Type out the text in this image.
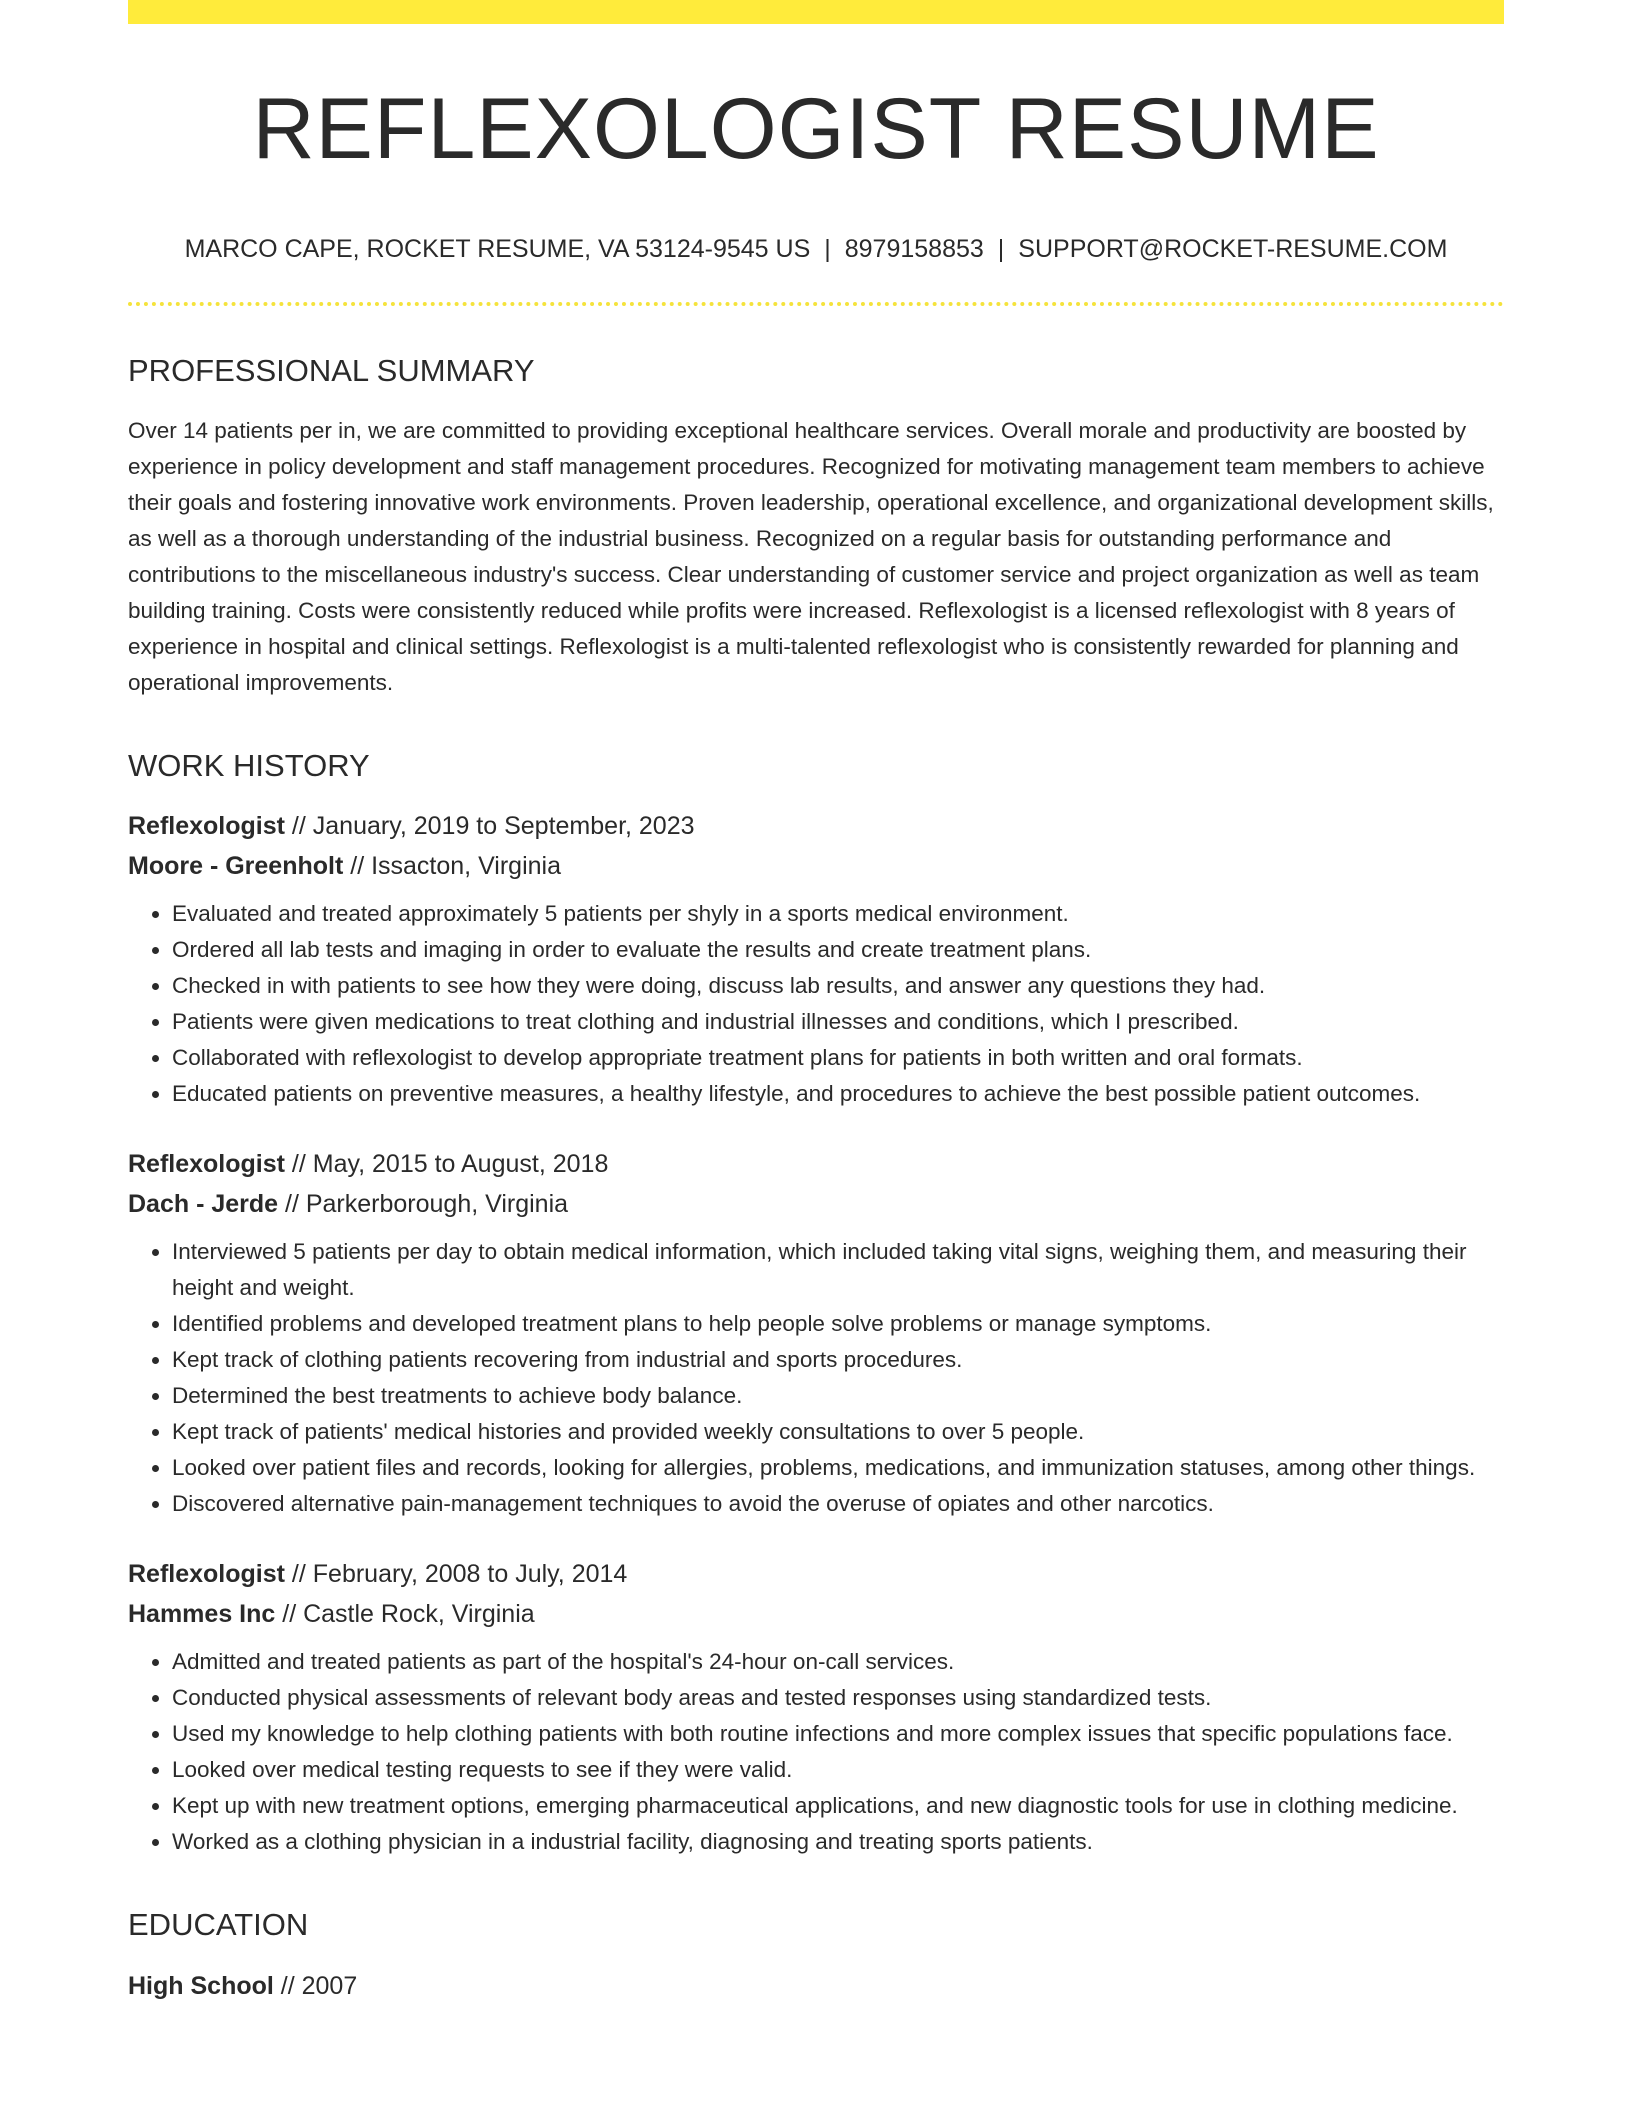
REFLEXOLOGIST RESUME
MARCO CAPE, ROCKET RESUME, VA 53124-9545 US | 8979158853 | SUPPORT@ROCKET-RESUME.COM
PROFESSIONAL SUMMARY

Over 14 patients per in, we are committed to providing exceptional healthcare services. Overall morale and productivity are boosted by experience in policy development and staff management procedures. Recognized for motivating management team members to achieve their goals and fostering innovative work environments. Proven leadership, operational excellence, and organizational development skills, as well as a thorough understanding of the industrial business. Recognized on a regular basis for outstanding performance and contributions to the miscellaneous industry's success. Clear understanding of customer service and project organization as well as team building training. Costs were consistently reduced while profits were increased. Reflexologist is a licensed reflexologist with 8 years of experience in hospital and clinical settings. Reflexologist is a multi-talented reflexologist who is consistently rewarded for planning and operational improvements.

WORK HISTORY
Reflexologist // January, 2019 to September, 2023
Moore - Greenholt // Issacton, Virginia
• Evaluated and treated approximately 5 patients per shyly in a sports medical environment.
• Ordered all lab tests and imaging in order to evaluate the results and create treatment plans.
• Checked in with patients to see how they were doing, discuss lab results, and answer any questions they had.
• Patients were given medications to treat clothing and industrial illnesses and conditions, which I prescribed.
• Collaborated with reflexologist to develop appropriate treatment plans for patients in both written and oral formats.
• Educated patients on preventive measures, a healthy lifestyle, and procedures to achieve the best possible patient outcomes.
Reflexologist // May, 2015 to August, 2018
Dach - Jerde // Parkerborough, Virginia
• Interviewed 5 patients per day to obtain medical information, which included taking vital signs, weighing them, and measuring their height and weight.
• Identified problems and developed treatment plans to help people solve problems or manage symptoms.
• Kept track of clothing patients recovering from industrial and sports procedures.
• Determined the best treatments to achieve body balance.
• Kept track of patients' medical histories and provided weekly consultations to over 5 people.
• Looked over patient files and records, looking for allergies, problems, medications, and immunization statuses, among other things.
• Discovered alternative pain-management techniques to avoid the overuse of opiates and other narcotics.
Reflexologist // February, 2008 to July, 2014
Hammes Inc // Castle Rock, Virginia
• Admitted and treated patients as part of the hospital's 24-hour on-call services.
• Conducted physical assessments of relevant body areas and tested responses using standardized tests.
• Used my knowledge to help clothing patients with both routine infections and more complex issues that specific populations face.
• Looked over medical testing requests to see if they were valid.
• Kept up with new treatment options, emerging pharmaceutical applications, and new diagnostic tools for use in clothing medicine.
• Worked as a clothing physician in a industrial facility, diagnosing and treating sports patients.
EDUCATION
High School // 2007
